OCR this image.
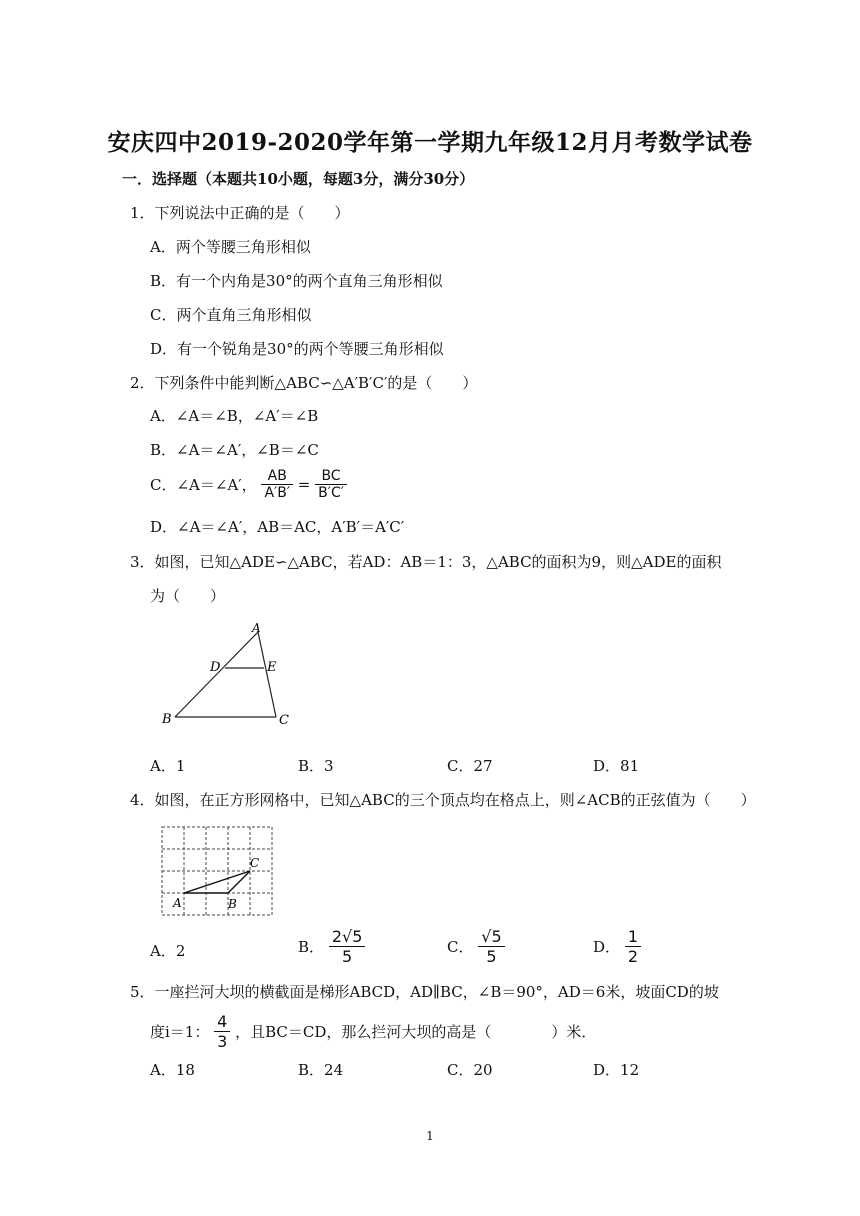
安庆四中2019-2020学年第一学期九年级12月月考数学试卷
一．选择题（本题共10小题，每题3分，满分30分）
1．下列说法中正确的是（　　）
A．两个等腰三角形相似
B．有一个内角是30°的两个直角三角形相似
C．两个直角三角形相似
D．有一个锐角是30°的两个等腰三角形相似
2．下列条件中能判断△ABC∽△A′B′C′的是（　　）
A．∠A＝∠B，∠A′＝∠B
B．∠A＝∠A′，∠B＝∠C
C．∠A＝∠A′， $\frac{AB}{A'B'} = \frac{BC}{B'C'}$
D．∠A＝∠A′，AB＝AC，A′B′＝A′C′
3．如图，已知△ADE∽△ABC，若AD：AB＝1：3，△ABC的面积为9，则△ADE的面积
为（　　）
A
D	E
B	C
A．1	B．3	C．27	D．81
4．如图，在正方形网格中，已知△ABC的三个顶点均在格点上，则∠ACB的正弦值为（　　）
A	B
C
A．2	B． $\frac{2√5}{5}$	C． $\frac{√5}{5}$	D． $\frac{1}{2}$
5．一座拦河大坝的横截面是梯形ABCD，AD∥BC，∠B＝90°，AD＝6米，坡面CD的坡
度i＝1： $\frac{4}{3}$ ，且BC＝CD，那么拦河大坝的高是（　　　　）米．
A．18	B．24	C．20	D．12
1
